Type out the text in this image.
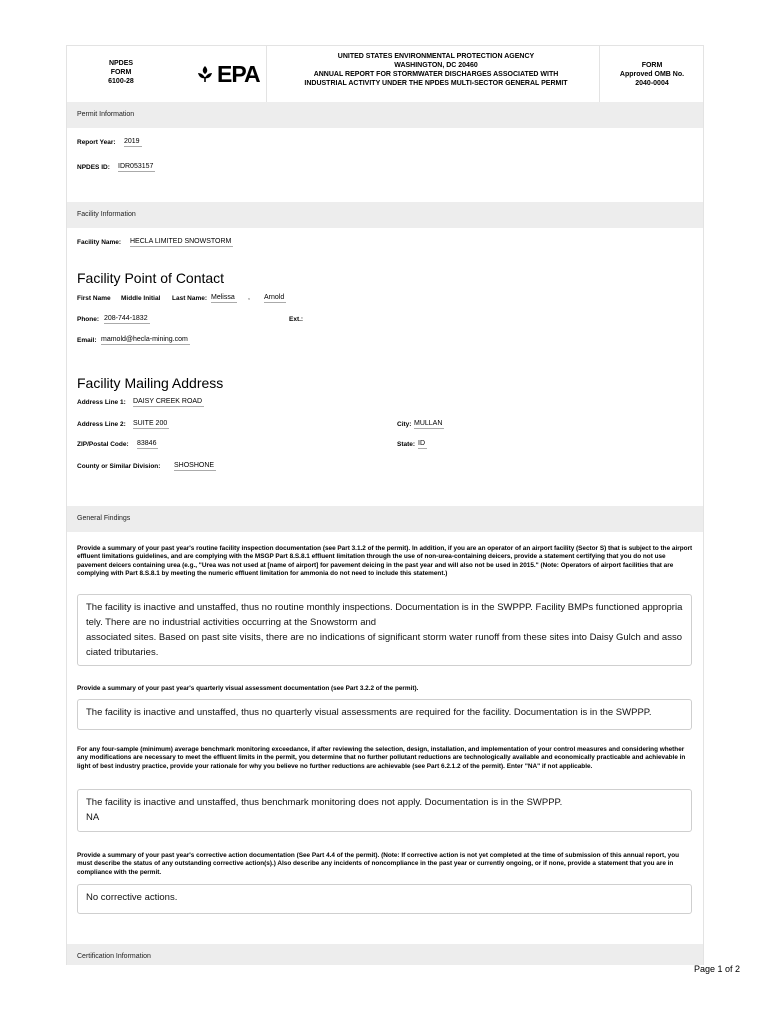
NPDES
FORM
6100-28	EPA
UNITED STATES ENVIRONMENTAL PROTECTION AGENCY
WASHINGTON, DC 20460
ANNUAL REPORT FOR STORMWATER DISCHARGES ASSOCIATED WITH
INDUSTRIAL ACTIVITY UNDER THE NPDES MULTI-SECTOR GENERAL PERMIT
FORM
Approved OMB No.
2040-0004
Permit Information
Report Year: 2019
NPDES ID: IDR053157
Facility Information
Facility Name: HECLA LIMITED SNOWSTORM
Facility Point of Contact
First Name Middle Initial Last Name: Melissa , Arnold
Phone: 208-744-1832	Ext.:
Email: mamold@hecla-mining.com
Facility Mailing Address
Address Line 1: DAISY CREEK ROAD
Address Line 2: SUITE 200	City: MULLAN
ZIP/Postal Code: 83846	State: ID
County or Similar Division: SHOSHONE
General Findings
Provide a summary of your past year's routine facility inspection documentation (see Part 3.1.2 of the permit). In addition, if you are an operator of an airport facility (Sector S) that is subject to the airport effluent limitations guidelines, and are complying with the MSGP Part 8.S.8.1 effluent limitation through the use of non-urea-containing deicers, provide a statement certifying that you do not use pavement deicers containing urea (e.g., "Urea was not used at [name of airport] for pavement deicing in the past year and will also not be used in 2015." (Note: Operators of airport facilities that are complying with Part 8.S.8.1 by meeting the numeric effluent limitation for ammonia do not need to include this statement.)
The facility is inactive and unstaffed, thus no routine monthly inspections. Documentation is in the SWPPP. Facility BMPs functioned appropriately. There are no industrial activities occurring at the Snowstorm and
associated sites. Based on past site visits, there are no indications of significant storm water runoff from these sites into Daisy Gulch and associated tributaries.
Provide a summary of your past year's quarterly visual assessment documentation (see Part 3.2.2 of the permit).
The facility is inactive and unstaffed, thus no quarterly visual assessments are required for the facility. Documentation is in the SWPPP.
For any four-sample (minimum) average benchmark monitoring exceedance, if after reviewing the selection, design, installation, and implementation of your control measures and considering whether any modifications are necessary to meet the effluent limits in the permit, you determine that no further pollutant reductions are technologically available and economically practicable and achievable in light of best industry practice, provide your rationale for why you believe no further reductions are achievable (see Part 6.2.1.2 of the permit). Enter "NA" if not applicable.
The facility is inactive and unstaffed, thus benchmark monitoring does not apply. Documentation is in the SWPPP.
NA
Provide a summary of your past year's corrective action documentation (See Part 4.4 of the permit). (Note: If corrective action is not yet completed at the time of submission of this annual report, you must describe the status of any outstanding corrective action(s).) Also describe any incidents of noncompliance in the past year or currently ongoing, or if none, provide a statement that you are in compliance with the permit.
No corrective actions.
Certification Information
Page 1 of 2
